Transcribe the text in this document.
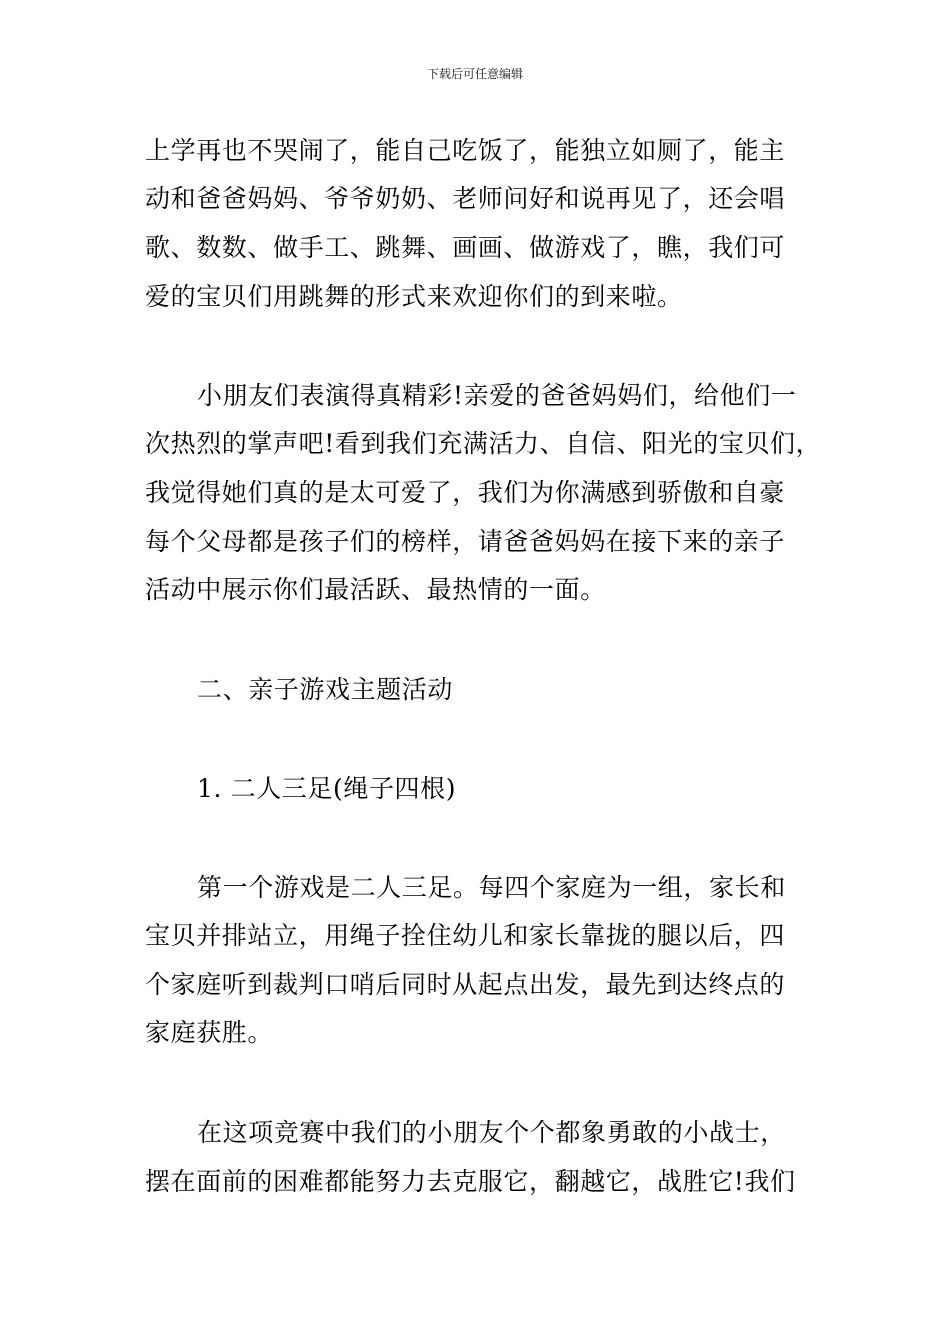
下载后可任意编辑
上学再也不哭闹了，能自己吃饭了，能独立如厕了，能主
动和爸爸妈妈、爷爷奶奶、老师问好和说再见了，还会唱
歌、数数、做手工、跳舞、画画、做游戏了，瞧，我们可
爱的宝贝们用跳舞的形式来欢迎你们的到来啦。
小朋友们表演得真精彩!亲爱的爸爸妈妈们，给他们一
次热烈的掌声吧!看到我们充满活力、自信、阳光的宝贝们，
我觉得她们真的是太可爱了，我们为你满感到骄傲和自豪
每个父母都是孩子们的榜样，请爸爸妈妈在接下来的亲子
活动中展示你们最活跃、最热情的一面。
二、亲子游戏主题活动
1. 二人三足(绳子四根)
第一个游戏是二人三足。每四个家庭为一组，家长和
宝贝并排站立，用绳子拴住幼儿和家长靠拢的腿以后，四
个家庭听到裁判口哨后同时从起点出发，最先到达终点的
家庭获胜。
在这项竞赛中我们的小朋友个个都象勇敢的小战士，
摆在面前的困难都能努力去克服它，翻越它，战胜它!我们
